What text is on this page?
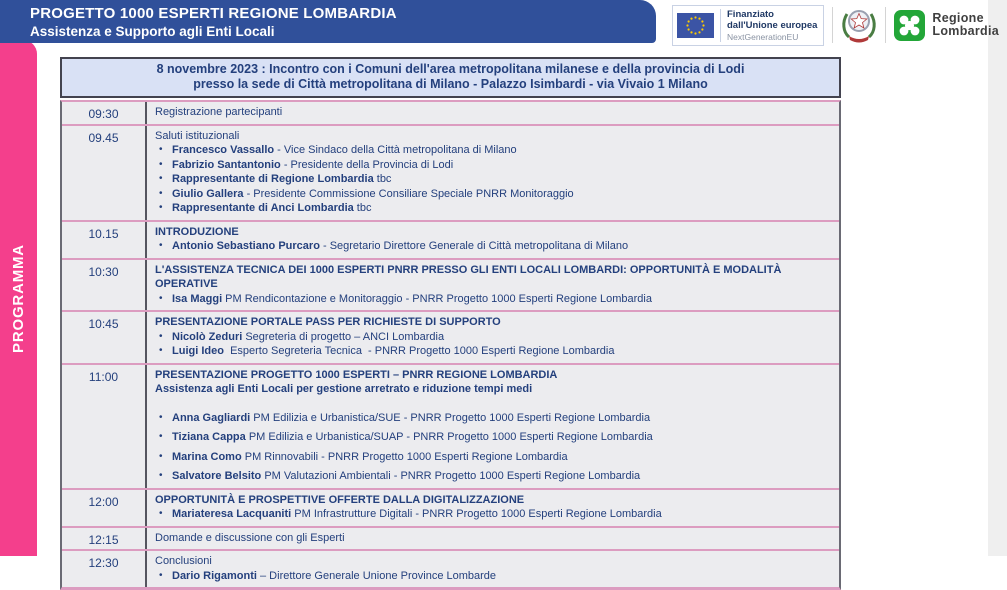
PROGETTO 1000 ESPERTI REGIONE LOMBARDIA
Assistenza e Supporto agli Enti Locali
Finanziato
dall'Unione europea
NextGenerationEU
Regione
Lombardia
PROGRAMMA
8 novembre 2023 : Incontro con i Comuni dell'area metropolitana milanese e della provincia di Lodi
presso la sede di Città metropolitana di Milano - Palazzo Isimbardi - via Vivaio 1 Milano
09:30	Registrazione partecipanti
09.45	Saluti istituzionali
• Francesco Vassallo - Vice Sindaco della Città metropolitana di Milano
• Fabrizio Santantonio - Presidente della Provincia di Lodi
• Rappresentante di Regione Lombardia tbc
• Giulio Gallera - Presidente Commissione Consiliare Speciale PNRR Monitoraggio
• Rappresentante di Anci Lombardia tbc
10.15	INTRODUZIONE
• Antonio Sebastiano Purcaro - Segretario Direttore Generale di Città metropolitana di Milano
10:30	L'ASSISTENZA TECNICA DEI 1000 ESPERTI PNRR PRESSO GLI ENTI LOCALI LOMBARDI: OPPORTUNITÀ E MODALITÀ OPERATIVE
• Isa Maggi PM Rendicontazione e Monitoraggio - PNRR Progetto 1000 Esperti Regione Lombardia
10:45	PRESENTAZIONE PORTALE PASS PER RICHIESTE DI SUPPORTO
• Nicolò Zeduri Segreteria di progetto – ANCI Lombardia
• Luigi Ideo  Esperto Segreteria Tecnica  - PNRR Progetto 1000 Esperti Regione Lombardia
11:00	PRESENTAZIONE PROGETTO 1000 ESPERTI – PNRR REGIONE LOMBARDIA
Assistenza agli Enti Locali per gestione arretrato e riduzione tempi medi
• Anna Gagliardi PM Edilizia e Urbanistica/SUE - PNRR Progetto 1000 Esperti Regione Lombardia
• Tiziana Cappa PM Edilizia e Urbanistica/SUAP - PNRR Progetto 1000 Esperti Regione Lombardia
• Marina Como PM Rinnovabili - PNRR Progetto 1000 Esperti Regione Lombardia
• Salvatore Belsito PM Valutazioni Ambientali - PNRR Progetto 1000 Esperti Regione Lombardia
12:00	OPPORTUNITÀ E PROSPETTIVE OFFERTE DALLA DIGITALIZZAZIONE
• Mariateresa Lacquaniti PM Infrastrutture Digitali - PNRR Progetto 1000 Esperti Regione Lombardia
12:15	Domande e discussione con gli Esperti
12:30	Conclusioni
• Dario Rigamonti – Direttore Generale Unione Province Lombarde
